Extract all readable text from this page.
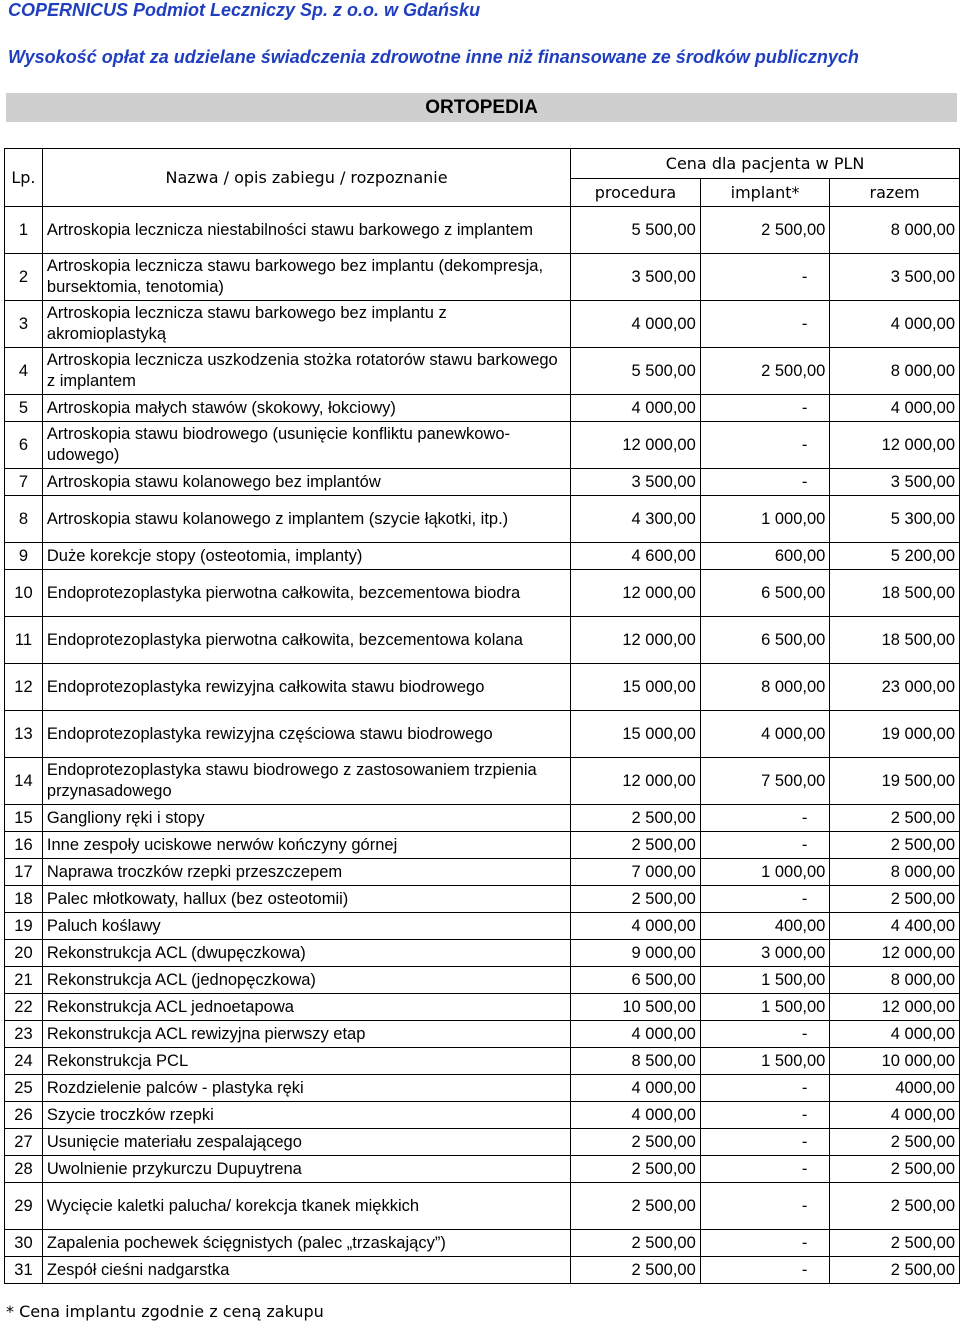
COPERNICUS Podmiot Leczniczy Sp. z o.o. w Gdańsku
Wysokość opłat za udzielane świadczenia zdrowotne inne niż finansowane ze środków publicznych
ORTOPEDIA
Lp.	Nazwa / opis zabiegu / rozpoznanie	Cena dla pacjenta w PLN		
		procedura	implant*	razem
1	Artroskopia lecznicza niestabilności stawu barkowego z implantem	5 500,00	2 500,00	8 000,00
2	Artroskopia lecznicza stawu barkowego bez implantu (dekompresja, bursektomia, tenotomia)	3 500,00	-	3 500,00
3	Artroskopia lecznicza stawu barkowego bez implantu z akromioplastyką	4 000,00	-	4 000,00
4	Artroskopia lecznicza uszkodzenia stożka rotatorów stawu barkowego z implantem	5 500,00	2 500,00	8 000,00
5	Artroskopia małych stawów (skokowy, łokciowy)	4 000,00	-	4 000,00
6	Artroskopia stawu biodrowego (usunięcie konfliktu panewkowo-udowego)	12 000,00	-	12 000,00
7	Artroskopia stawu kolanowego bez implantów	3 500,00	-	3 500,00
8	Artroskopia stawu kolanowego z implantem (szycie łąkotki, itp.)	4 300,00	1 000,00	5 300,00
9	Duże korekcje stopy (osteotomia, implanty)	4 600,00	600,00	5 200,00
10	Endoprotezoplastyka pierwotna całkowita, bezcementowa biodra	12 000,00	6 500,00	18 500,00
11	Endoprotezoplastyka pierwotna całkowita, bezcementowa kolana	12 000,00	6 500,00	18 500,00
12	Endoprotezoplastyka rewizyjna całkowita stawu biodrowego	15 000,00	8 000,00	23 000,00
13	Endoprotezoplastyka rewizyjna częściowa stawu biodrowego	15 000,00	4 000,00	19 000,00
14	Endoprotezoplastyka stawu biodrowego z zastosowaniem trzpienia przynasadowego	12 000,00	7 500,00	19 500,00
15	Gangliony ręki i stopy	2 500,00	-	2 500,00
16	Inne zespoły uciskowe nerwów kończyny górnej	2 500,00	-	2 500,00
17	Naprawa troczków rzepki przeszczepem	7 000,00	1 000,00	8 000,00
18	Palec młotkowaty, hallux (bez osteotomii)	2 500,00	-	2 500,00
19	Paluch koślawy	4 000,00	400,00	4 400,00
20	Rekonstrukcja ACL (dwupęczkowa)	9 000,00	3 000,00	12 000,00
21	Rekonstrukcja ACL (jednopęczkowa)	6 500,00	1 500,00	8 000,00
22	Rekonstrukcja ACL jednoetapowa	10 500,00	1 500,00	12 000,00
23	Rekonstrukcja ACL rewizyjna pierwszy etap	4 000,00	-	4 000,00
24	Rekonstrukcja PCL	8 500,00	1 500,00	10 000,00
25	Rozdzielenie palców - plastyka ręki	4 000,00	-	4000,00
26	Szycie troczków rzepki	4 000,00	-	4 000,00
27	Usunięcie materiału zespalającego	2 500,00	-	2 500,00
28	Uwolnienie przykurczu Dupuytrena	2 500,00	-	2 500,00
29	Wycięcie kaletki palucha/ korekcja tkanek miękkich	2 500,00	-	2 500,00
30	Zapalenia pochewek ścięgnistych (palec „trzaskający”)	2 500,00	-	2 500,00
31	Zespół cieśni nadgarstka	2 500,00	-	2 500,00
* Cena implantu zgodnie z ceną zakupu
